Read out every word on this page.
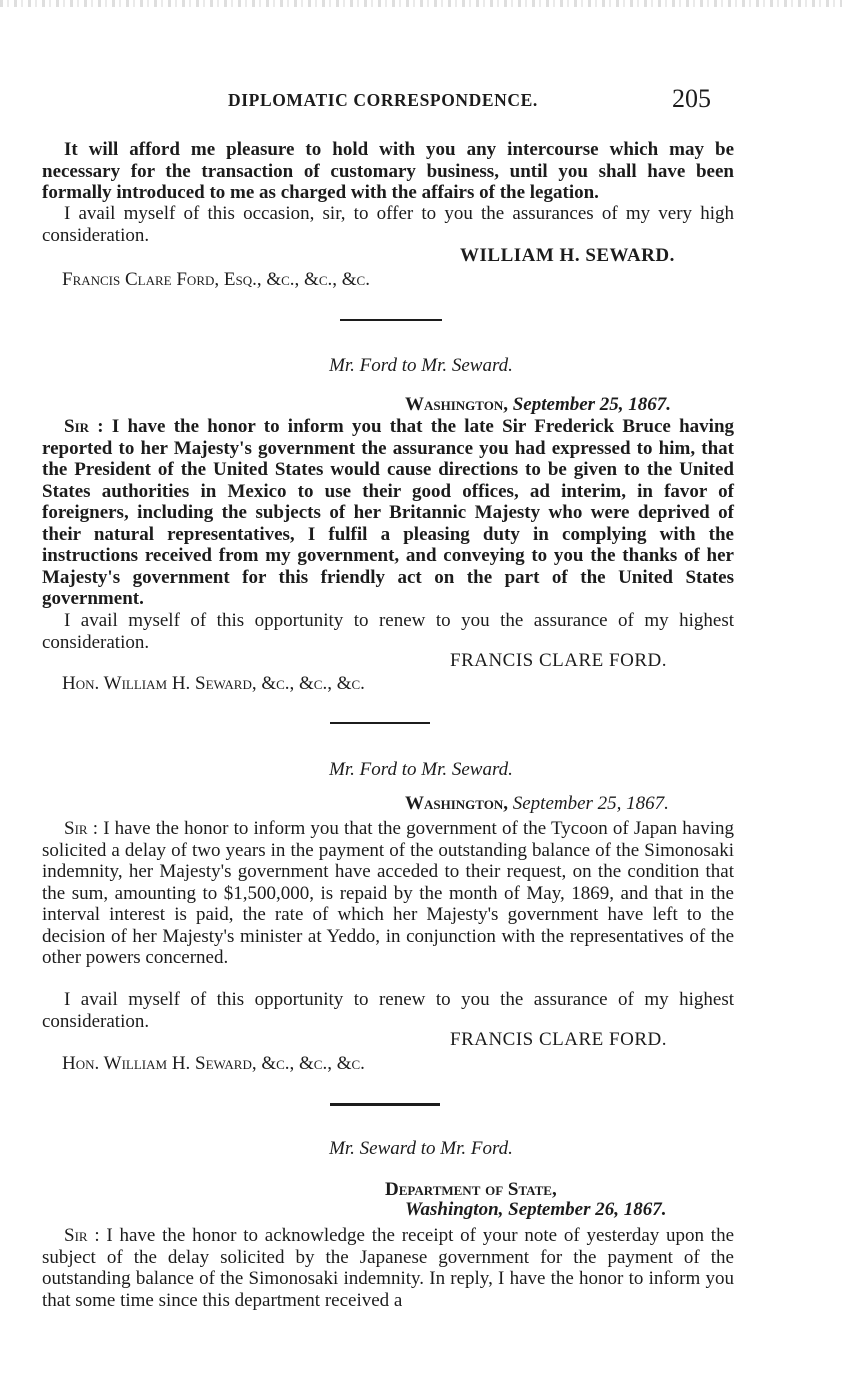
DIPLOMATIC CORRESPONDENCE.	205

It will afford me pleasure to hold with you any intercourse which may be necessary for the transaction of customary business, until you shall have been formally introduced to me as charged with the affairs of the legation.

I avail myself of this occasion, sir, to offer to you the assurances of my very high consideration.

WILLIAM H. SEWARD.
Francis Clare Ford, Esq., &c., &c., &c.
Mr. Ford to Mr. Seward.
Washington, September 25, 1867.

Sir : I have the honor to inform you that the late Sir Frederick Bruce having reported to her Majesty's government the assurance you had expressed to him, that the President of the United States would cause directions to be given to the United States authorities in Mexico to use their good offices, ad interim, in favor of foreigners, including the subjects of her Britannic Majesty who were deprived of their natural representatives, I fulfil a pleasing duty in complying with the instructions received from my government, and conveying to you the thanks of her Majesty's government for this friendly act on the part of the United States government.

I avail myself of this opportunity to renew to you the assurance of my highest consideration.

FRANCIS CLARE FORD.
Hon. William H. Seward, &c., &c., &c.
Mr. Ford to Mr. Seward.
Washington, September 25, 1867.

Sir : I have the honor to inform you that the government of the Tycoon of Japan having solicited a delay of two years in the payment of the outstanding balance of the Simonosaki indemnity, her Majesty's government have acceded to their request, on the condition that the sum, amounting to $1,500,000, is repaid by the month of May, 1869, and that in the interval interest is paid, the rate of which her Majesty's government have left to the decision of her Majesty's minister at Yeddo, in conjunction with the representatives of the other powers concerned.

I avail myself of this opportunity to renew to you the assurance of my highest consideration.

FRANCIS CLARE FORD.
Hon. William H. Seward, &c., &c., &c.
Mr. Seward to Mr. Ford.
Department of State,
Washington, September 26, 1867.

Sir : I have the honor to acknowledge the receipt of your note of yesterday upon the subject of the delay solicited by the Japanese government for the payment of the outstanding balance of the Simonosaki indemnity. In reply, I have the honor to inform you that some time since this department received a
